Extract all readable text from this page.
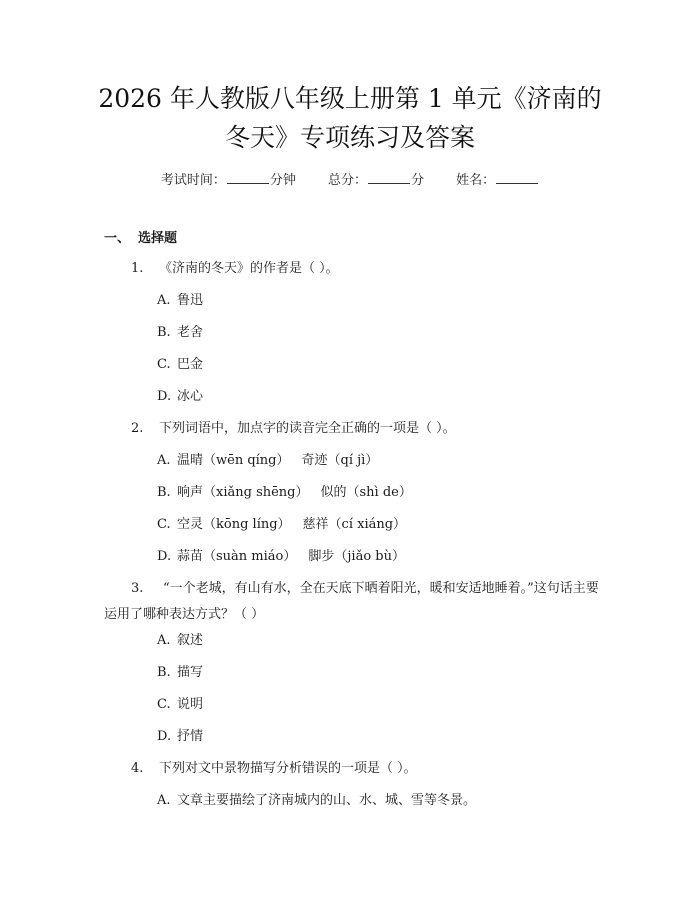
2026 年人教版八年级上册第 1 单元《济南的
冬天》专项练习及答案
考试时间：	分钟 总分：	分 姓名：
一、 选择题
1. 《济南的冬天》的作者是（ ）。
A. 鲁迅
B. 老舍
C. 巴金
D. 冰心
2. 下列词语中，加点字的读音完全正确的一项是（ ）。
A. 温晴（wēn qíng） 奇迹（qí jì）
B. 响声（xiǎng shēng） 似的（shì de）
C. 空灵（kōng líng） 慈祥（cí xiáng）
D. 蒜苗（suàn miáo） 脚步（jiǎo bù）
3. “一个老城，有山有水，全在天底下晒着阳光，暖和安适地睡着。”这句话主要运用了哪种表达方式？（ ）
A. 叙述
B. 描写
C. 说明
D. 抒情
4. 下列对文中景物描写分析错误的一项是（ ）。
A. 文章主要描绘了济南城内的山、水、城、雪等冬景。
